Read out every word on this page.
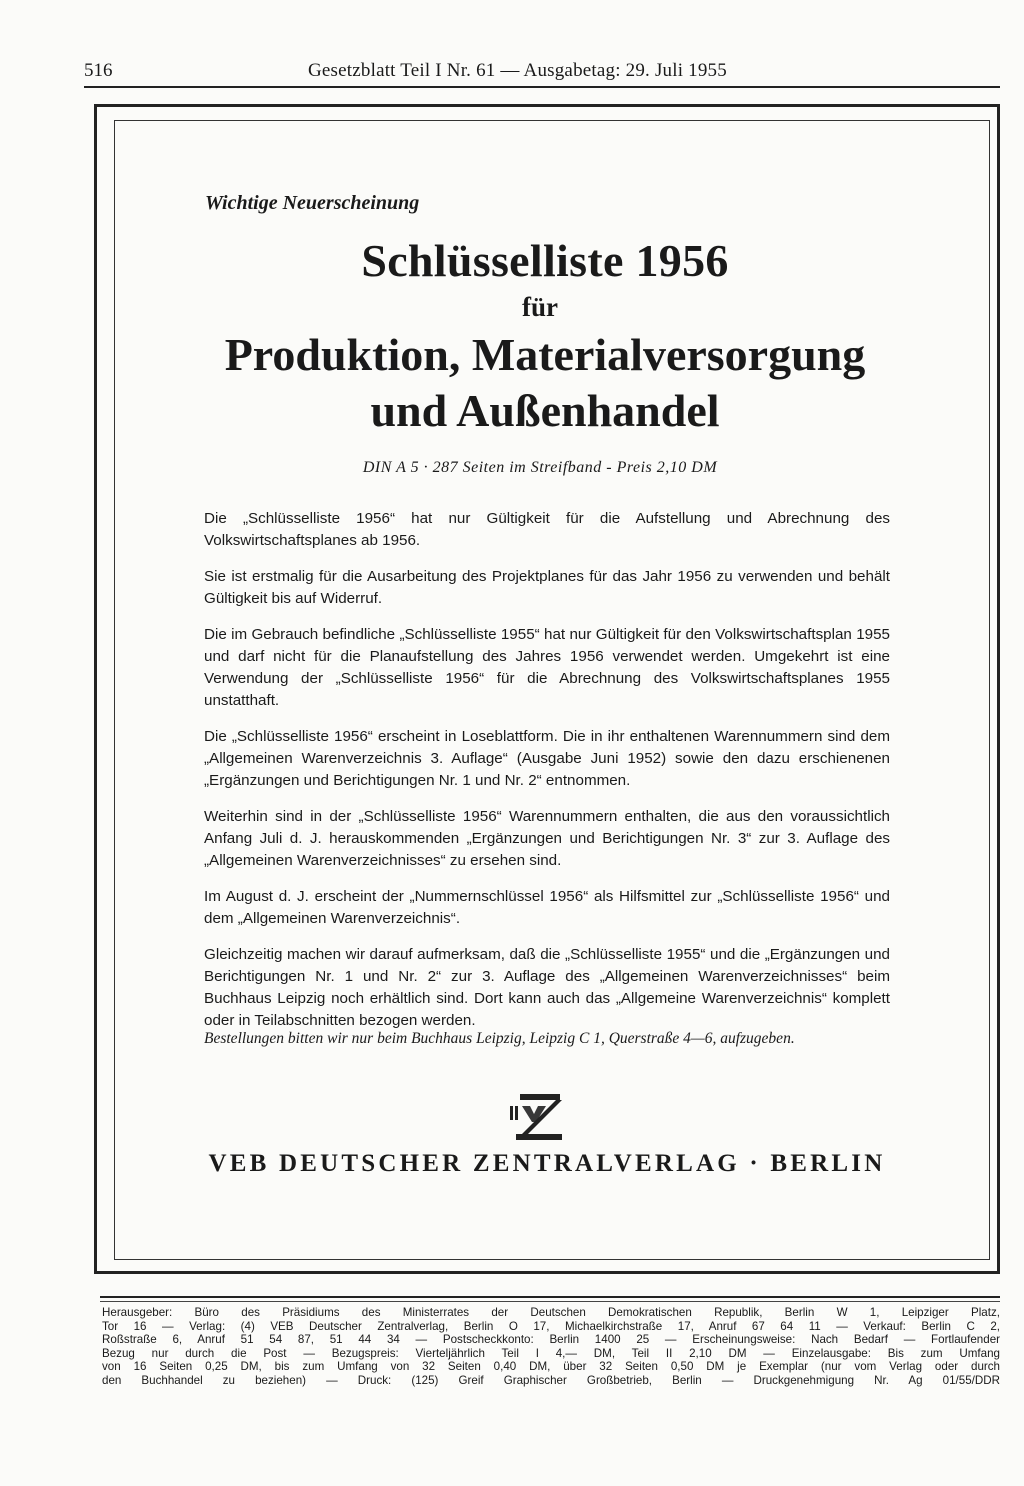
516	Gesetzblatt Teil I Nr. 61 — Ausgabetag: 29. Juli 1955
Wichtige Neuerscheinung
Schlüsselliste 1956
für
Produktion, Materialversorgung
und Außenhandel
DIN A 5 · 287 Seiten im Streifband - Preis 2,10 DM

Die „Schlüsselliste 1956“ hat nur Gültigkeit für die Aufstellung und Abrechnung des Volkswirtschaftsplanes ab 1956.

Sie ist erstmalig für die Ausarbeitung des Projektplanes für das Jahr 1956 zu verwenden und behält Gültigkeit bis auf Widerruf.

Die im Gebrauch befindliche „Schlüsselliste 1955“ hat nur Gültigkeit für den Volkswirtschaftsplan 1955 und darf nicht für die Planaufstellung des Jahres 1956 verwendet werden. Umgekehrt ist eine Verwendung der „Schlüsselliste 1956“ für die Abrechnung des Volkswirtschaftsplanes 1955 unstatthaft.

Die „Schlüsselliste 1956“ erscheint in Loseblattform. Die in ihr enthaltenen Warennummern sind dem „Allgemeinen Warenverzeichnis 3. Auflage“ (Ausgabe Juni 1952) sowie den dazu erschienenen „Ergänzungen und Berichtigungen Nr. 1 und Nr. 2“ entnommen.

Weiterhin sind in der „Schlüsselliste 1956“ Warennummern enthalten, die aus den voraussichtlich Anfang Juli d. J. herauskommenden „Ergänzungen und Berichtigungen Nr. 3“ zur 3. Auflage des „Allgemeinen Warenverzeichnisses“ zu ersehen sind.

Im August d. J. erscheint der „Nummernschlüssel 1956“ als Hilfsmittel zur „Schlüsselliste 1956“ und dem „Allgemeinen Warenverzeichnis“.

Gleichzeitig machen wir darauf aufmerksam, daß die „Schlüsselliste 1955“ und die „Ergänzungen und Berichtigungen Nr. 1 und Nr. 2“ zur 3. Auflage des „Allgemeinen Warenverzeichnisses“ beim Buchhaus Leipzig noch erhältlich sind. Dort kann auch das „Allgemeine Warenverzeichnis“ komplett oder in Teilabschnitten bezogen werden.

Bestellungen bitten wir nur beim Buchhaus Leipzig, Leipzig C 1, Querstraße 4—6, aufzugeben.
VEB DEUTSCHER ZENTRALVERLAG · BERLIN
Herausgeber: Büro des Präsidiums des Ministerrates der Deutschen Demokratischen Republik, Berlin W 1, Leipziger Platz,
Tor 16 — Verlag: (4) VEB Deutscher Zentralverlag, Berlin O 17, Michaelkirchstraße 17, Anruf 67 64 11 — Verkauf: Berlin C 2,
Roßstraße 6, Anruf 51 54 87, 51 44 34 — Postscheckkonto: Berlin 1400 25 — Erscheinungsweise: Nach Bedarf — Fortlaufender
Bezug nur durch die Post — Bezugspreis: Vierteljährlich Teil I 4,— DM, Teil II 2,10 DM — Einzelausgabe: Bis zum Umfang
von 16 Seiten 0,25 DM, bis zum Umfang von 32 Seiten 0,40 DM, über 32 Seiten 0,50 DM je Exemplar (nur vom Verlag oder durch
den Buchhandel zu beziehen) — Druck: (125) Greif Graphischer Großbetrieb, Berlin — Druckgenehmigung Nr. Ag 01/55/DDR
